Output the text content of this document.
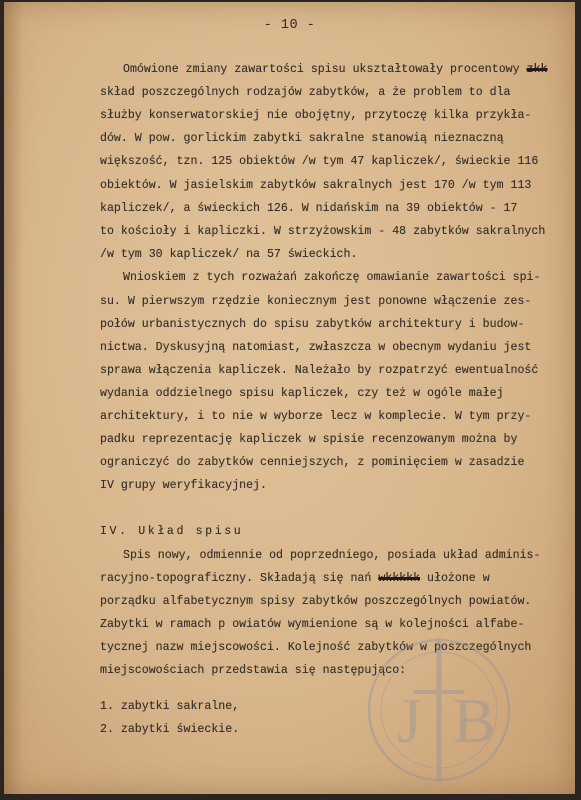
- 10 -
Omówione zmiany zawartości spisu ukształtowały procentowy zkk
skład poszczególnych rodzajów zabytków, a że problem to dla
służby konserwatorskiej nie obojętny, przytoczę kilka przykła-
dów. W pow. gorlickim zabytki sakralne stanowią nieznaczną
większość, tzn. 125 obiektów /w tym 47 kapliczek/, świeckie 116
obiektów. W jasielskim zabytków sakralnych jest 170 /w tym 113
kapliczek/, a świeckich 126. W nidańskim na 39 obiektów - 17
to kościoły i kapliczki. W strzyżowskim - 48 zabytków sakralnych
/w tym 30 kapliczek/ na 57 świeckich.
Wnioskiem z tych rozważań zakończę omawianie zawartości spi-
su. W pierwszym rzędzie koniecznym jest ponowne włączenie zes-
połów urbanistycznych do spisu zabytków architektury i budow-
nictwa. Dyskusyjną natomiast, zwłaszcza w obecnym wydaniu jest
sprawa włączenia kapliczek. Należało by rozpatrzyć ewentualność
wydania oddzielnego spisu kapliczek, czy też w ogóle małej
architektury, i to nie w wyborze lecz w komplecie. W tym przy-
padku reprezentację kapliczek w spisie recenzowanym można by
ograniczyć do zabytków cenniejszych, z pominięciem w zasadzie
IV grupy weryfikacyjnej.
IV. Układ spisu
Spis nowy, odmiennie od poprzedniego, posiada układ adminis-
racyjno-topograficzny. Składają się nań wkkkkk ułożone w
porządku alfabetycznym spisy zabytków poszczególnych powiatów.
Zabytki w ramach p owiatów wymienione są w kolejności alfabe-
tycznej nazw miejscowości. Kolejność zabytków w poszczególnych
miejscowościach przedstawia się następująco:
1. zabytki sakralne,
2. zabytki świeckie. J B
